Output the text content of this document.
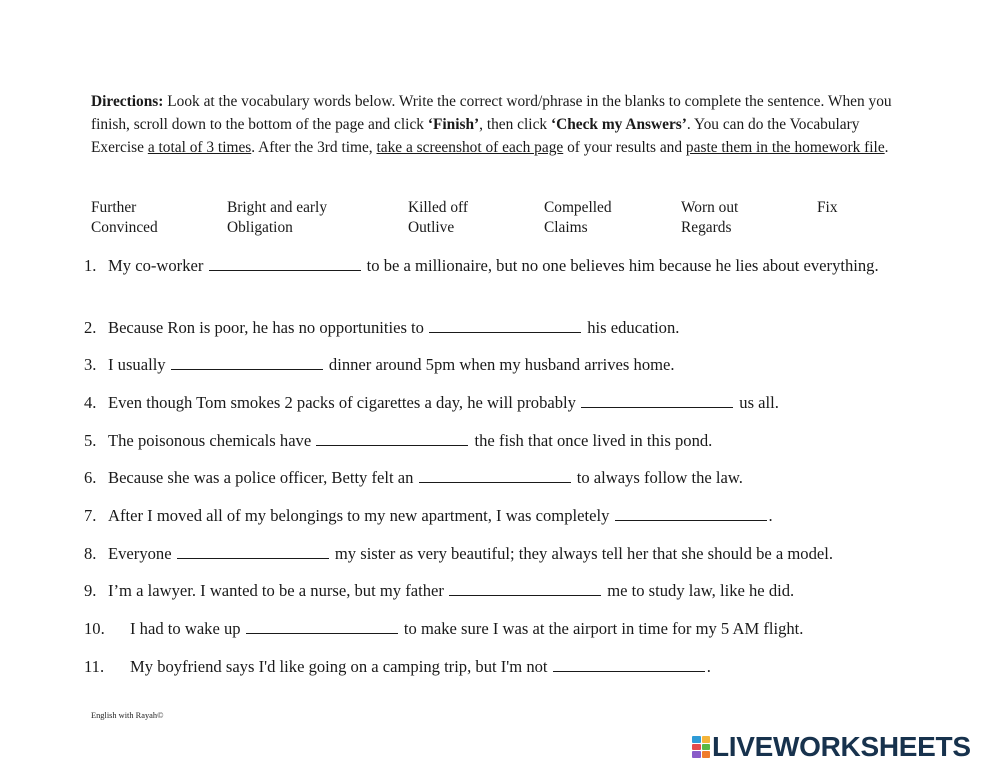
Directions: Look at the vocabulary words below. Write the correct word/phrase in the blanks to complete the sentence. When you finish, scroll down to the bottom of the page and click ‘Finish’, then click ‘Check my Answers’. You can do the Vocabulary Exercise a total of 3 times. After the 3rd time, take a screenshot of each page of your results and paste them in the homework file.
Further	Bright and early	Killed off	Compelled	Worn out	Fix
Convinced	Obligation	Outlive	Claims	Regards
1. My co-worker	to be a millionaire, but no one believes him because he lies about everything.
2. Because Ron is poor, he has no opportunities to	his education.
3. I usually	dinner around 5pm when my husband arrives home.
4. Even though Tom smokes 2 packs of cigarettes a day, he will probably	us all.
5. The poisonous chemicals have	the fish that once lived in this pond.
6. Because she was a police officer, Betty felt an	to always follow the law.
7. After I moved all of my belongings to my new apartment, I was completely	.
8. Everyone	my sister as very beautiful; they always tell her that she should be a model.
9. I’m a lawyer. I wanted to be a nurse, but my father	me to study law, like he did.
10.	I had to wake up	to make sure I was at the airport in time for my 5 AM flight.
11.	My boyfriend says I'd like going on a camping trip, but I'm not	.
English with Rayah©
LIVEWORKSHEETS
